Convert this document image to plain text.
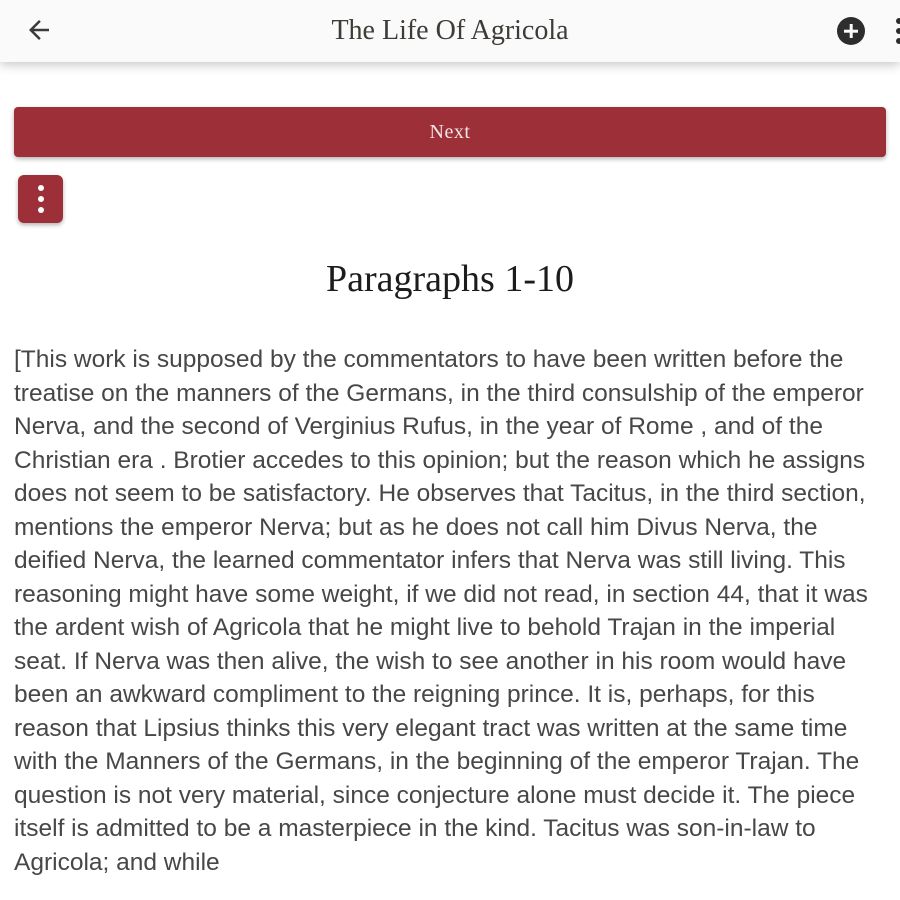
The Life Of Agricola
Next
Paragraphs 1-10

[This work is supposed by the commentators to have been written before the treatise on the manners of the Germans, in the third consulship of the emperor Nerva, and the second of Verginius Rufus, in the year of Rome , and of the Christian era . Brotier accedes to this opinion; but the reason which he assigns does not seem to be satisfactory. He observes that Tacitus, in the third section, mentions the emperor Nerva; but as he does not call him Divus Nerva, the deified Nerva, the learned commentator infers that Nerva was still living. This reasoning might have some weight, if we did not read, in section 44, that it was the ardent wish of Agricola that he might live to behold Trajan in the imperial seat. If Nerva was then alive, the wish to see another in his room would have been an awkward compliment to the reigning prince. It is, perhaps, for this reason that Lipsius thinks this very elegant tract was written at the same time with the Manners of the Germans, in the beginning of the emperor Trajan. The question is not very material, since conjecture alone must decide it. The piece itself is admitted to be a masterpiece in the kind. Tacitus was son-in-law to Agricola; and while
